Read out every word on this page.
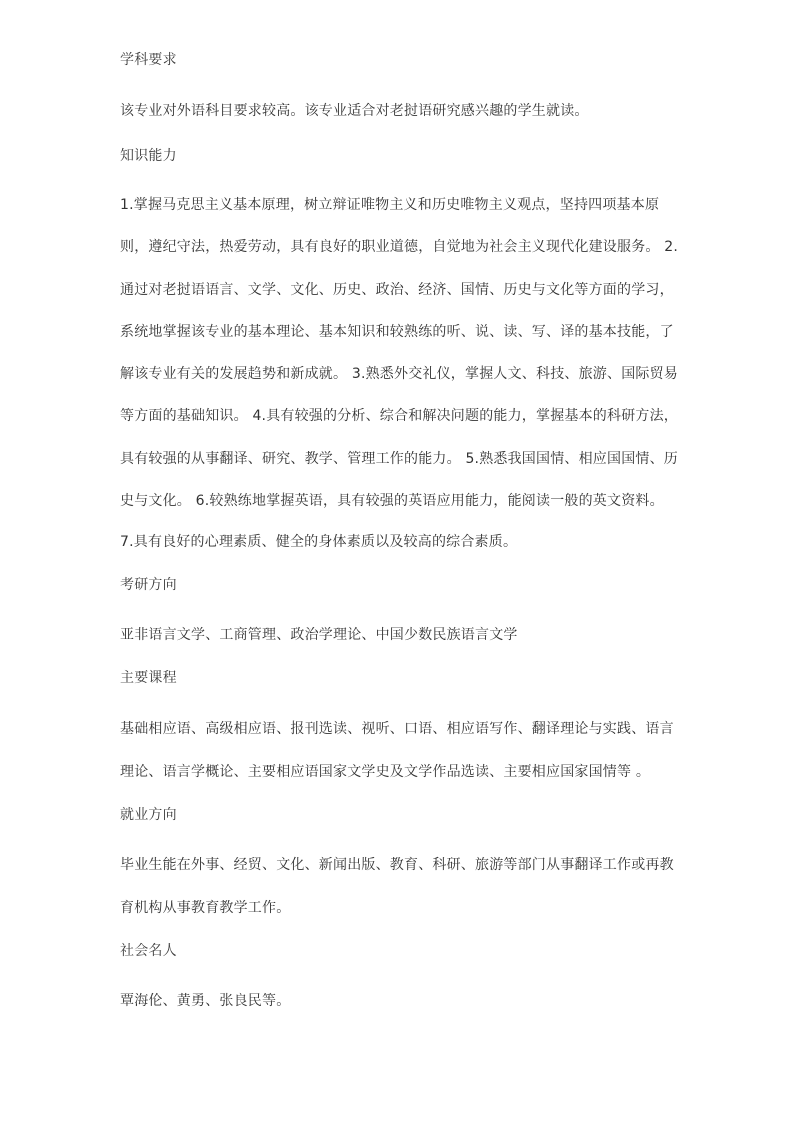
学科要求
该专业对外语科目要求较高。该专业适合对老挝语研究感兴趣的学生就读。
知识能力
1.掌握马克思主义基本原理，树立辩证唯物主义和历史唯物主义观点，坚持四项基本原
则，遵纪守法，热爱劳动，具有良好的职业道德，自觉地为社会主义现代化建设服务。 2.
通过对老挝语语言、文学、文化、历史、政治、经济、国情、历史与文化等方面的学习，
系统地掌握该专业的基本理论、基本知识和较熟练的听、说、读、写、译的基本技能，了
解该专业有关的发展趋势和新成就。 3.熟悉外交礼仪，掌握人文、科技、旅游、国际贸易
等方面的基础知识。 4.具有较强的分析、综合和解决问题的能力，掌握基本的科研方法，
具有较强的从事翻译、研究、教学、管理工作的能力。 5.熟悉我国国情、相应国国情、历
史与文化。 6.较熟练地掌握英语，具有较强的英语应用能力，能阅读一般的英文资料。
7.具有良好的心理素质、健全的身体素质以及较高的综合素质。
考研方向
亚非语言文学、工商管理、政治学理论、中国少数民族语言文学
主要课程
基础相应语、高级相应语、报刊选读、视听、口语、相应语写作、翻译理论与实践、语言
理论、语言学概论、主要相应语国家文学史及文学作品选读、主要相应国家国情等 。
就业方向
毕业生能在外事、经贸、文化、新闻出版、教育、科研、旅游等部门从事翻译工作或再教
育机构从事教育教学工作。
社会名人
覃海伦、黄勇、张良民等。
